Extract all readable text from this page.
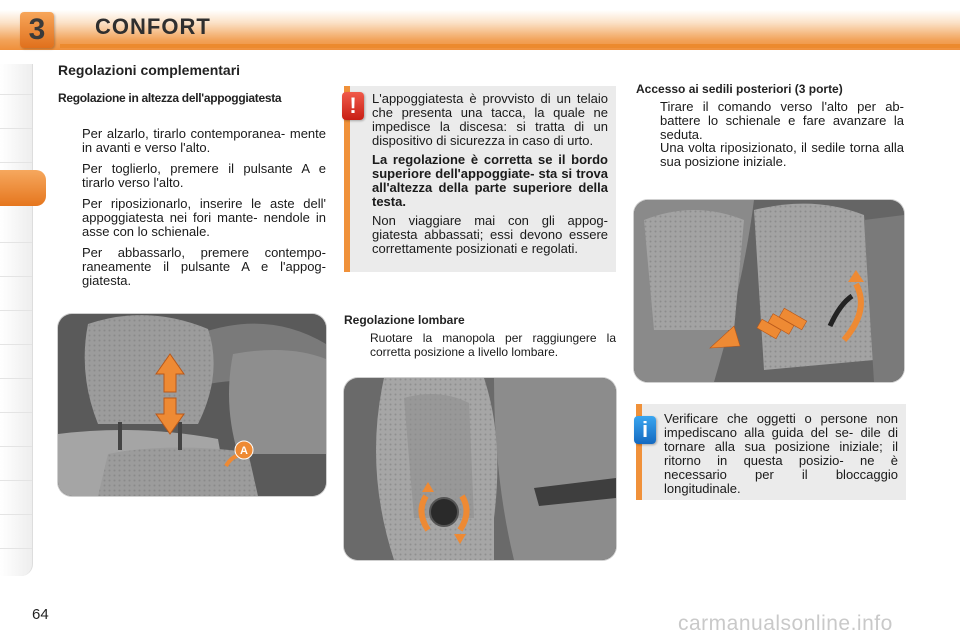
3	CONFORT
Regolazioni complementari
Regolazione in altezza dell'appoggiatesta
Per alzarlo, tirarlo contemporanea- mente in avanti e verso l'alto.
Per toglierlo, premere il pulsante A e tirarlo verso l'alto.
Per riposizionarlo, inserire le aste dell' appoggiatesta nei fori mante- nendole in asse con lo schienale.
Per abbassarlo, premere contempo- raneamente il pulsante A e l'appog- giatesta.
A

L'appoggiatesta è provvisto di un telaio che presenta una tacca, la quale ne impedisce la discesa: si tratta di un dispositivo di sicurezza in caso di urto.

La regolazione è corretta se il bordo superiore dell'appoggiate- sta si trova all'altezza della parte superiore della testa.

Non viaggiare mai con gli appog- giatesta abbassati; essi devono essere correttamente posizionati e regolati.

!
Regolazione lombare
Ruotare la manopola per raggiungere la corretta posizione a livello lombare.
Accesso ai sedili posteriori (3 porte)
Tirare il comando verso l'alto per ab- battere lo schienale e fare avanzare la seduta.
Una volta riposizionato, il sedile torna alla sua posizione iniziale.

Verificare che oggetti o persone non impediscano alla guida del se- dile di tornare alla sua posizione iniziale; il ritorno in questa posizio- ne è necessario per il bloccaggio longitudinale.

i
64	carmanualsonline.info
